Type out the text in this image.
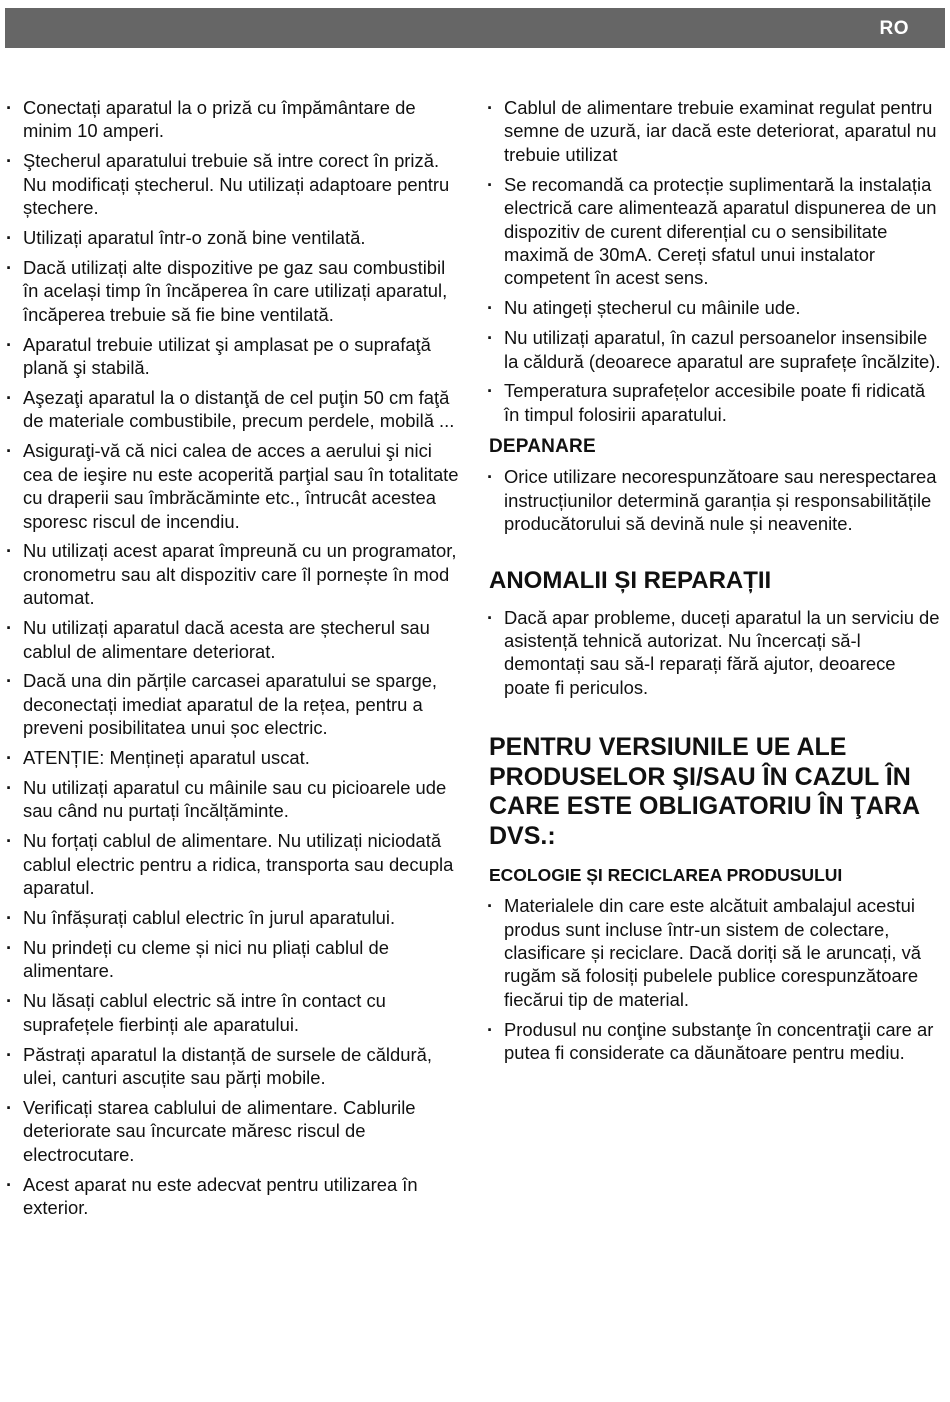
RO
· Conectați aparatul la o priză cu împământare de minim 10 amperi.
· Ştecherul aparatului trebuie să intre corect în priză. Nu modificați ștecherul. Nu utilizați adaptoare pentru ștechere.
· Utilizați aparatul într-o zonă bine ventilată.
· Dacă utilizați alte dispozitive pe gaz sau combustibil în același timp în încăperea în care utilizați aparatul, încăperea trebuie să fie bine ventilată.
· Aparatul trebuie utilizat şi amplasat pe o suprafaţă plană şi stabilă.
· Aşezaţi aparatul la o distanţă de cel puţin 50 cm faţă de materiale combustibile, precum perdele, mobilă ...
· Asiguraţi-vă că nici calea de acces a aerului şi nici cea de ieşire nu este acoperită parţial sau în totalitate cu draperii sau îmbrăcăminte etc., întrucât acestea sporesc riscul de incendiu.
· Nu utilizați acest aparat împreună cu un programator, cronometru sau alt dispozitiv care îl pornește în mod automat.
· Nu utilizați aparatul dacă acesta are ștecherul sau cablul de alimentare deteriorat.
· Dacă una din părțile carcasei aparatului se sparge, deconectați imediat aparatul de la rețea, pentru a preveni posibilitatea unui șoc electric.
· ATENȚIE: Mențineți aparatul uscat.
· Nu utilizați aparatul cu mâinile sau cu picioarele ude sau când nu purtați încălțăminte.
· Nu forțați cablul de alimentare. Nu utilizați niciodată cablul electric pentru a ridica, transporta sau decupla aparatul.
· Nu înfășurați cablul electric în jurul aparatului.
· Nu prindeți cu cleme și nici nu pliați cablul de alimentare.
· Nu lăsați cablul electric să intre în contact cu suprafețele fierbinți ale aparatului.
· Păstrați aparatul la distanță de sursele de căldură, ulei, canturi ascuțite sau părți mobile.
· Verificați starea cablului de alimentare. Cablurile deteriorate sau încurcate măresc riscul de electrocutare.
· Acest aparat nu este adecvat pentru utilizarea în exterior.
· Cablul de alimentare trebuie examinat regulat pentru semne de uzură, iar dacă este deteriorat, aparatul nu trebuie utilizat
· Se recomandă ca protecție suplimentară la instalația electrică care alimentează aparatul dispunerea de un dispozitiv de curent diferențial cu o sensibilitate maximă de 30mA. Cereți sfatul unui instalator competent în acest sens.
· Nu atingeți ștecherul cu mâinile ude.
· Nu utilizați aparatul, în cazul persoanelor insensibile la căldură (deoarece aparatul are suprafețe încălzite).
· Temperatura suprafețelor accesibile poate fi ridicată în timpul folosirii aparatului.
DEPANARE
· Orice utilizare necorespunzătoare sau nerespectarea instrucțiunilor determină garanția și responsabilitățile producătorului să devină nule și neavenite.
ANOMALII ȘI REPARAȚII
· Dacă apar probleme, duceți aparatul la un serviciu de asistență tehnică autorizat. Nu încercați să-l demontați sau să-l reparați fără ajutor, deoarece poate fi periculos.
PENTRU VERSIUNILE UE ALE PRODUSELOR ŞI/SAU ÎN CAZUL ÎN CARE ESTE OBLIGATORIU ÎN ŢARA DVS.:
ECOLOGIE ȘI RECICLAREA PRODUSULUI
· Materialele din care este alcătuit ambalajul acestui produs sunt incluse într-un sistem de colectare, clasificare și reciclare. Dacă doriți să le aruncați, vă rugăm să folosiți pubelele publice corespunzătoare fiecărui tip de material.
· Produsul nu conţine substanţe în concentraţii care ar putea fi considerate ca dăunătoare pentru mediu.
